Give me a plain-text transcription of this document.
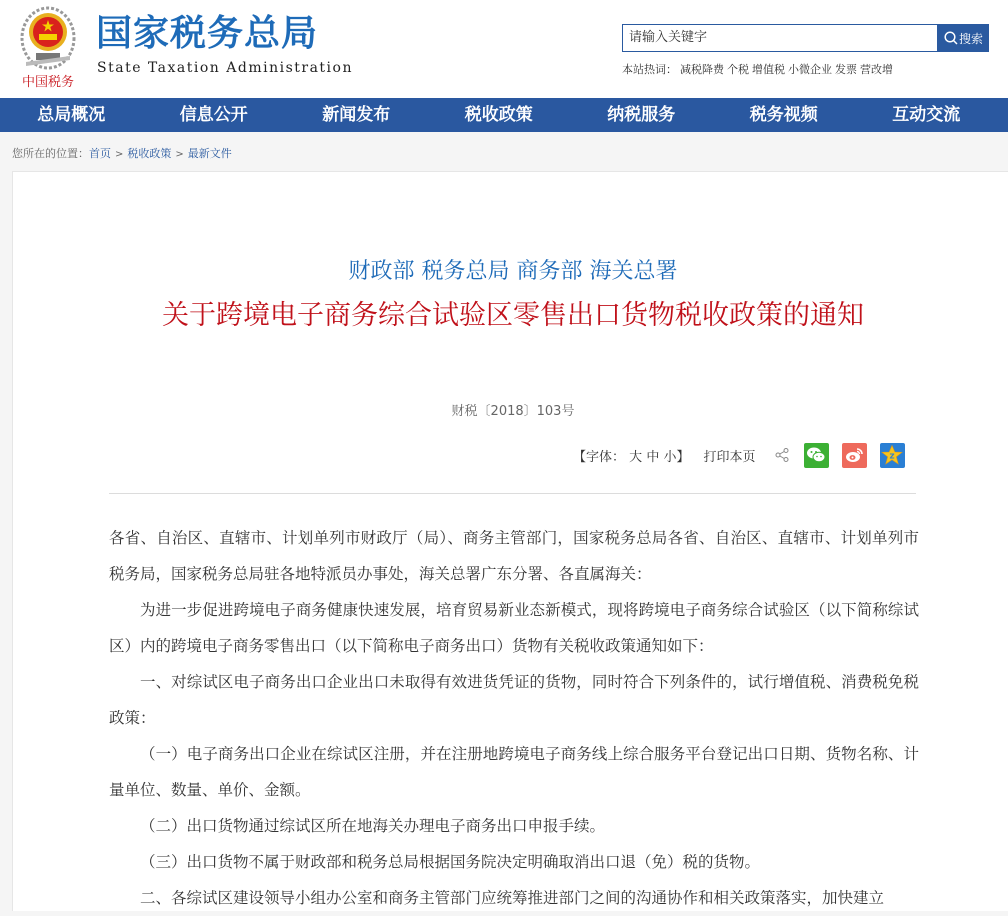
中国税务
国家税务总局
State Taxation Administration
请输入关键字	搜索
本站热词： 减税降费 个税 增值税 小微企业 发票 营改增
总局概况	信息公开	新闻发布	税收政策	纳税服务	税务视频	互动交流
您所在的位置：首页 > 税收政策 > 最新文件
财政部 税务总局 商务部 海关总署
关于跨境电子商务综合试验区零售出口货物税收政策的通知
财税〔2018〕103号
【字体： 大 中 小】 打印本页	Z

各省、自治区、直辖市、计划单列市财政厅（局）、商务主管部门，国家税务总局各省、自治区、直辖市、计划单列市税务局，国家税务总局驻各地特派员办事处，海关总署广东分署、各直属海关：

为进一步促进跨境电子商务健康快速发展，培育贸易新业态新模式，现将跨境电子商务综合试验区（以下简称综试区）内的跨境电子商务零售出口（以下简称电子商务出口）货物有关税收政策通知如下：

一、对综试区电子商务出口企业出口未取得有效进货凭证的货物，同时符合下列条件的，试行增值税、消费税免税政策：

（一）电子商务出口企业在综试区注册，并在注册地跨境电子商务线上综合服务平台登记出口日期、货物名称、计量单位、数量、单价、金额。

（二）出口货物通过综试区所在地海关办理电子商务出口申报手续。

（三）出口货物不属于财政部和税务总局根据国务院决定明确取消出口退（免）税的货物。

二、各综试区建设领导小组办公室和商务主管部门应统筹推进部门之间的沟通协作和相关政策落实，加快建立
